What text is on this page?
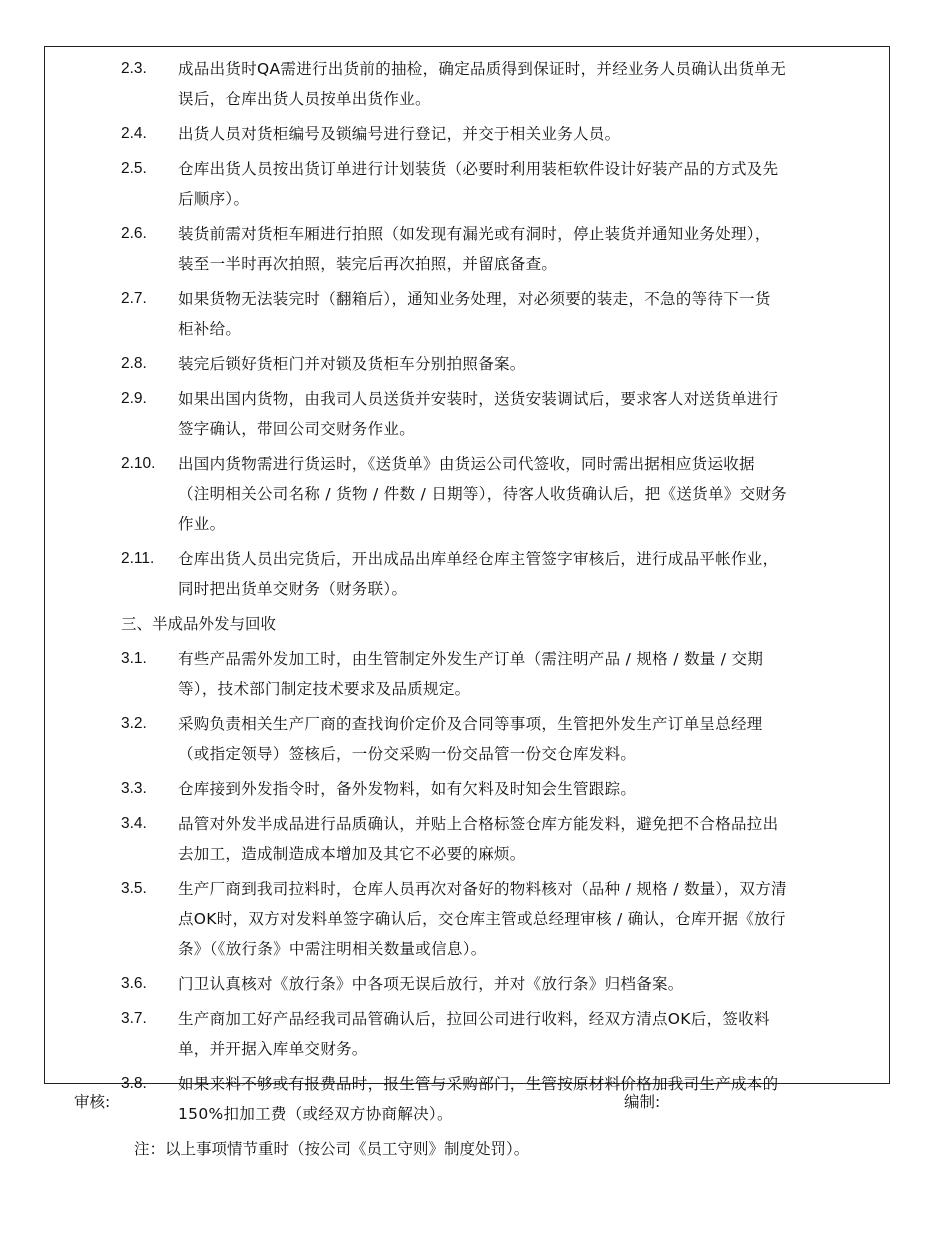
2.3.	成品出货时QA需进行出货前的抽检，确定品质得到保证时，并经业务人员确认出货单无
误后，仓库出货人员按单出货作业。
2.4.	出货人员对货柜编号及锁编号进行登记，并交于相关业务人员。
2.5.	仓库出货人员按出货订单进行计划装货（必要时利用装柜软件设计好装产品的方式及先
后顺序）。
2.6.	装货前需对货柜车厢进行拍照（如发现有漏光或有洞时，停止装货并通知业务处理），
装至一半时再次拍照，装完后再次拍照，并留底备查。
2.7.	如果货物无法装完时（翻箱后），通知业务处理，对必须要的装走，不急的等待下一货
柜补给。
2.8.	装完后锁好货柜门并对锁及货柜车分别拍照备案。
2.9.	如果出国内货物，由我司人员送货并安装时，送货安装调试后，要求客人对送货单进行
签字确认，带回公司交财务作业。
2.10.	出国内货物需进行货运时，《送货单》由货运公司代签收，同时需出据相应货运收据
（注明相关公司名称 / 货物 / 件数 / 日期等），待客人收货确认后，把《送货单》交财务
作业。
2.11.	仓库出货人员出完货后，开出成品出库单经仓库主管签字审核后，进行成品平帐作业，
同时把出货单交财务（财务联）。
三、半成品外发与回收
3.1.	有些产品需外发加工时，由生管制定外发生产订单（需注明产品 / 规格 / 数量 / 交期
等），技术部门制定技术要求及品质规定。
3.2.	采购负责相关生产厂商的查找询价定价及合同等事项，生管把外发生产订单呈总经理
（或指定领导）签核后，一份交采购一份交品管一份交仓库发料。
3.3.	仓库接到外发指令时，备外发物料，如有欠料及时知会生管跟踪。
3.4.	品管对外发半成品进行品质确认，并贴上合格标签仓库方能发料，避免把不合格品拉出
去加工，造成制造成本增加及其它不必要的麻烦。
3.5.	生产厂商到我司拉料时，仓库人员再次对备好的物料核对（品种 / 规格 / 数量），双方清
点OK时，双方对发料单签字确认后，交仓库主管或总经理审核 / 确认，仓库开据《放行
条》（《放行条》中需注明相关数量或信息）。
3.6.	门卫认真核对《放行条》中各项无误后放行，并对《放行条》归档备案。
3.7.	生产商加工好产品经我司品管确认后，拉回公司进行收料，经双方清点OK后，签收料
单，并开据入库单交财务。
3.8.	如果来料不够或有报费品时，报生管与采购部门，生管按原材料价格加我司生产成本的
150%扣加工费（或经双方协商解决）。
注：以上事项情节重时（按公司《员工守则》制度处罚）。
审核:	编制:
